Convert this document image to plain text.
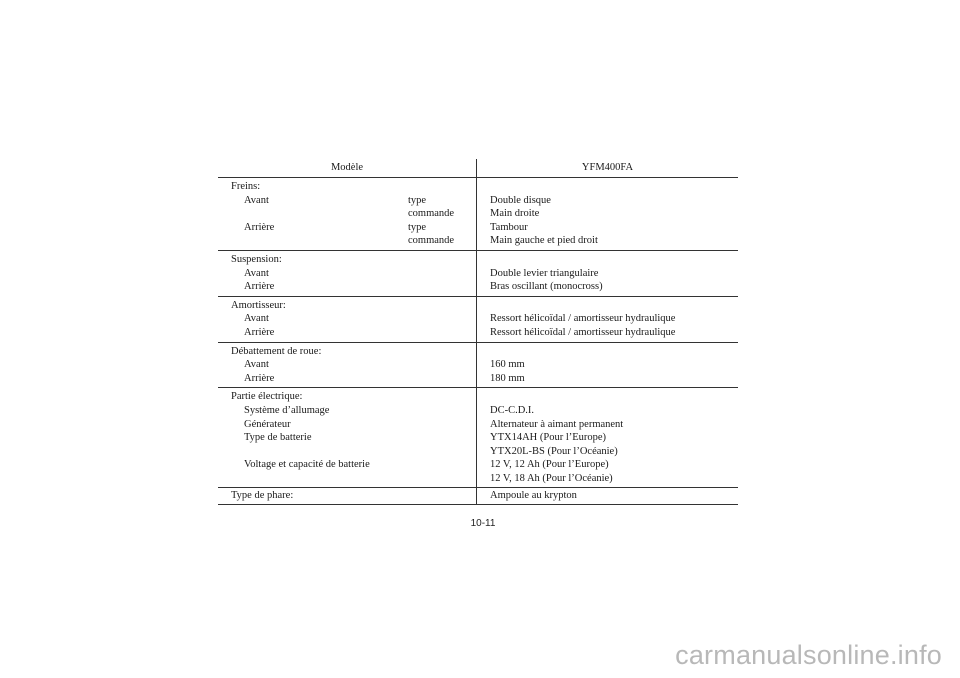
Modèle	YFM400FA
Freins:	

Avant type	Double disque

commande	Main droite

Arrière type	Tambour

commande	Main gauche et pied droit
Suspension:	
Avant	Double levier triangulaire
Arrière	Bras oscillant (monocross)
Amortisseur:	
Avant	Ressort hélicoïdal / amortisseur hydraulique
Arrière	Ressort hélicoïdal / amortisseur hydraulique
Débattement de roue:	
Avant	160 mm
Arrière	180 mm
Partie électrique:	
Système d’allumage	DC-C.D.I.
Générateur	Alternateur à aimant permanent
Type de batterie	YTX14AH (Pour l’Europe)
	YTX20L-BS (Pour l’Océanie)
Voltage et capacité de batterie	12 V, 12 Ah (Pour l’Europe)
	12 V, 18 Ah (Pour l’Océanie)
Type de phare:	Ampoule au krypton
10-11
carmanualsonline.info
